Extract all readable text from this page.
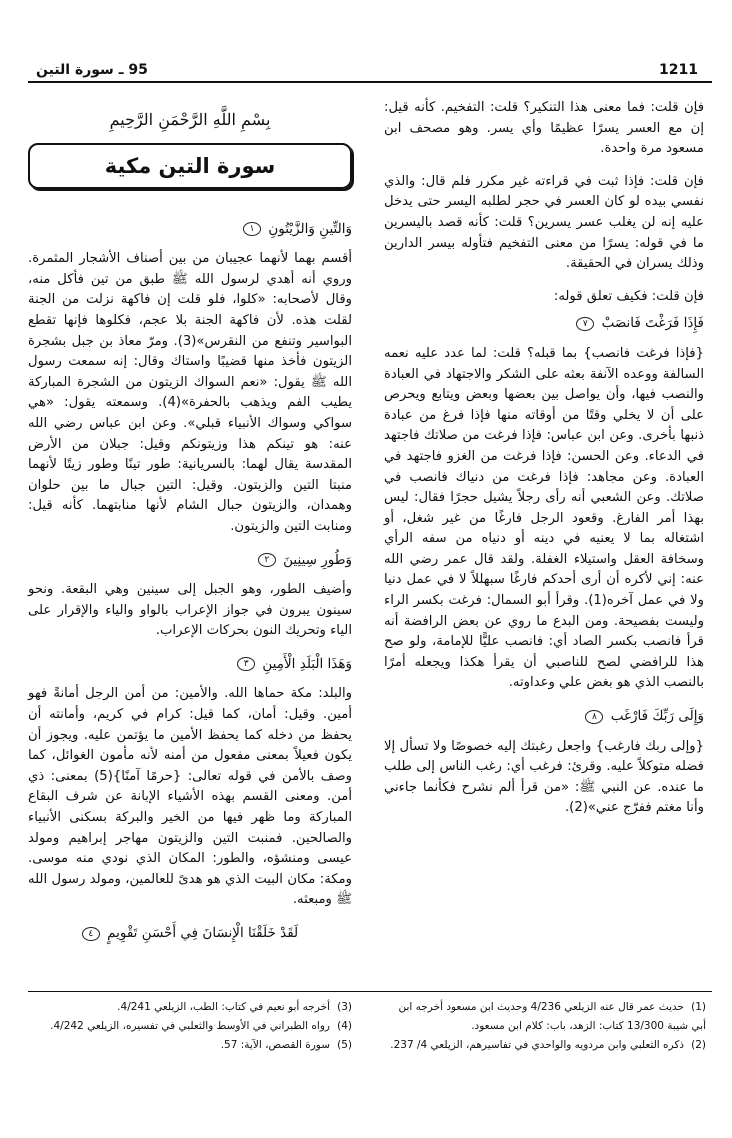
1211
95 ـ سورة التين

فإن قلت: فما معنى هذا التنكير؟ قلت: التفخيم. كأنه قيل: إن مع العسر يسرًا عظيمًا وأي يسر. وهو مصحف ابن مسعود مرة واحدة.

فإن قلت: فإذا ثبت في قراءته غير مكرر فلم قال: والذي نفسي بيده لو كان العسر في حجر لطلبه اليسر حتى يدخل عليه إنه لن يغلب عسر يسرين؟ قلت: كأنه قصد باليسرين ما في قوله: يسرًا من معنى التفخيم فتأوله بيسر الدارين وذلك يسران في الحقيقة.

فإن قلت: فكيف تعلق قوله:

فَإِذَا فَرَغْتَ فَانصَبْ ٧

{فإذا فرغت فانصب} بما قبله؟ قلت: لما عدد عليه نعمه السالفة ووعده الآنفة بعثه على الشكر والاجتهاد في العبادة والنصب فيها، وأن يواصل بين بعضها وبعض ويتابع ويحرص على أن لا يخلي وقتًا من أوقاته منها فإذا فرغ من عبادة ذنبها بأخرى. وعن ابن عباس: فإذا فرغت من صلاتك فاجتهد في الدعاء. وعن الحسن: فإذا فرغت من الغزو فاجتهد في العبادة. وعن مجاهد: فإذا فرغت من دنياك فانصب في صلاتك. وعن الشعبي أنه رأى رجلاً يشيل حجرًا فقال: ليس بهذا أمر الفارغ. وقعود الرجل فارغًا من غير شغل، أو اشتغاله بما لا يعنيه في دينه أو دنياه من سفه الرأي وسخافة العقل واستيلاء الغفلة. ولقد قال عمر رضي الله عنه: إني لأكره أن أرى أحدكم فارغًا سبهللاً لا في عمل دنيا ولا في عمل آخره(1). وقرأ أبو السمال: فرغت بكسر الراء وليست بفصيحة. ومن البدع ما روي عن بعض الرافضة أنه قرأ فانصب بكسر الصاد أي: فانصب عليًّا للإمامة، ولو صح هذا للرافضي لصح للناصبي أن يقرأ هكذا ويجعله أمرًا بالنصب الذي هو بغض علي وعداوته.

وَإِلَى رَبِّكَ فَارْغَب ٨

{وإلى ربك فارغب} واجعل رغبتك إليه خصوصًا ولا تسأل إلا فضله متوكلاً عليه. وقرئ: فرغب أي: رغب الناس إلى طلب ما عنده. عن النبي ﷺ: «من قرأ ألم نشرح فكأنما جاءني وأنا مغتم ففرّج عني»(2).

بِسْمِ اللَّهِ الرَّحْمَنِ الرَّحِيمِ
سورة التين مكية
وَالتِّينِ وَالزَّيْتُونِ ١

أقسم بهما لأنهما عجيبان من بين أصناف الأشجار المثمرة. وروي أنه أهدي لرسول الله ﷺ طبق من تين فأكل منه، وقال لأصحابه: «كلوا، فلو قلت إن فاكهة نزلت من الجنة لقلت هذه. لأن فاكهة الجنة بلا عجم، فكلوها فإنها تقطع البواسير وتنفع من النقرس»(3). ومرّ معاذ بن جبل بشجرة الزيتون فأخذ منها قضيبًا واستاك وقال: إنه سمعت رسول الله ﷺ يقول: «نعم السواك الزيتون من الشجرة المباركة يطيب الفم ويذهب بالحفرة»(4). وسمعته يقول: «هي سواكي وسواك الأنبياء قبلي». وعن ابن عباس رضي الله عنه: هو تينكم هذا وزيتونكم وقيل: جبلان من الأرض المقدسة يقال لهما: بالسريانية: طور تينًا وطور زيتًا لأنهما منبتا التين والزيتون. وقيل: التين جبال ما بين حلوان وهمدان، والزيتون جبال الشام لأنها منابتهما. كأنه قيل: ومنابت التين والزيتون.

وَطُورِ سِينِينَ ٢

وأضيف الطور، وهو الجبل إلى سينين وهي البقعة. ونحو سينون يبرون في جواز الإعراب بالواو والياء والإقرار على الياء وتحريك النون بحركات الإعراب.

وَهَذَا الْبَلَدِ الْأَمِينِ ٣

والبلد: مكة حماها الله. والأمين: من أمن الرجل أمانةً فهو أمين. وقيل: أمان، كما قيل: كرام في كريم، وأمانته أن يحفظ من دخله كما يحفظ الأمين ما يؤتمن عليه. ويجوز أن يكون فعيلاً بمعنى مفعول من أمنه لأنه مأمون الغوائل، كما وصف بالأمن في قوله تعالى: {حرمًا آمنًا}(5) بمعنى: ذي أمن. ومعنى القسم بهذه الأشياء الإبانة عن شرف البقاع المباركة وما ظهر فيها من الخير والبركة بسكنى الأنبياء والصالحين. فمنبت التين والزيتون مهاجر إبراهيم ومولد عيسى ومنشؤه، والطور: المكان الذي نودي منه موسى. ومكة: مكان البيت الذي هو هدىً للعالمين، ومولد رسول الله ﷺ ومبعثه.

لَقَدْ خَلَقْنَا الْإِنسَانَ فِي أَحْسَنِ تَقْوِيمٍ ٤
(1)حديث عمر قال عنه الزيلعي 4/236 وحديث ابن مسعود أخرجه ابن أبي شيبة 13/300 كتاب: الزهد، باب: كلام ابن مسعود.
(2)ذكره الثعلبي وابن مردويه والواحدي في تفاسيرهم، الزيلعي 4/ 237.
(3)أخرجه أبو نعيم في كتاب: الطب، الزيلعي 4/241.
(4)رواه الطبراني في الأوسط والثعلبي في تفسيره، الزيلعي 4/242.
(5)سورة القصص، الآية: 57.
